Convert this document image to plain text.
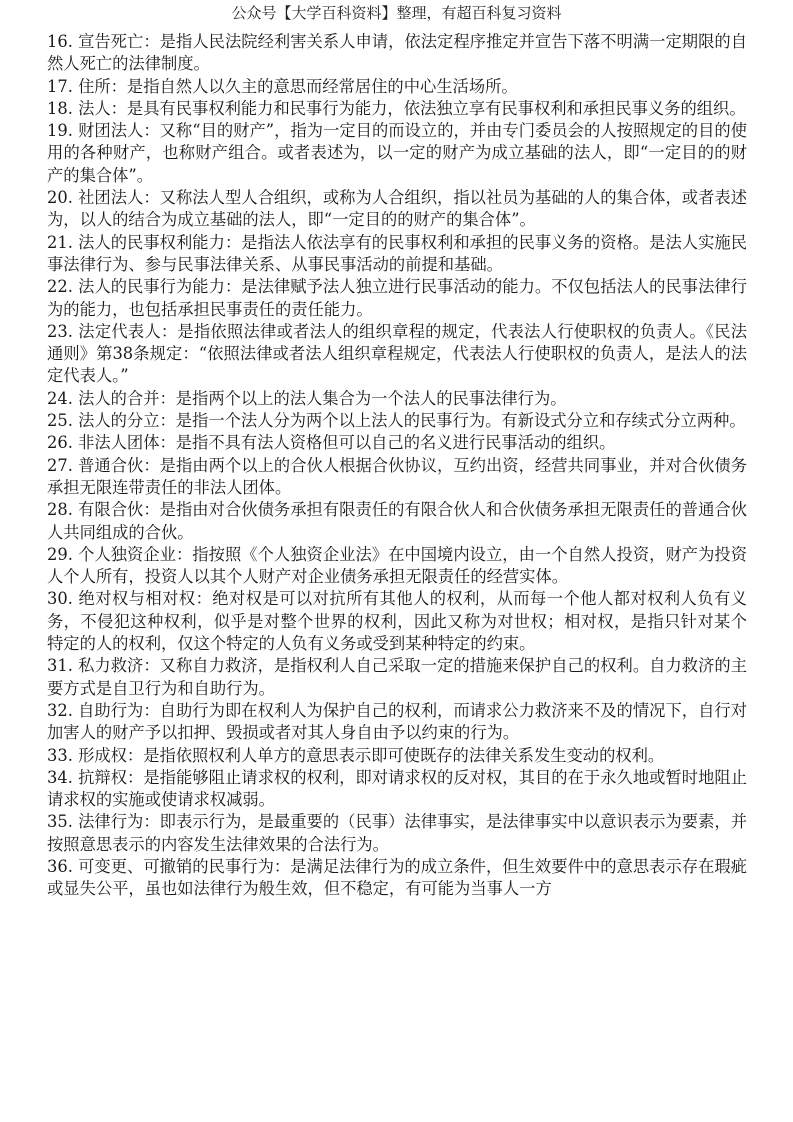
公众号【大学百科资料】整理，有超百科复习资料

16. 宣告死亡：是指人民法院经利害关系人申请，依法定程序推定并宣告下落不明满一定期限的自然人死亡的法律制度。

17. 住所：是指自然人以久主的意思而经常居住的中心生活场所。

18. 法人：是具有民事权利能力和民事行为能力，依法独立享有民事权利和承担民事义务的组织。

19. 财团法人：又称“目的财产”，指为一定目的而设立的，并由专门委员会的人按照规定的目的使用的各种财产，也称财产组合。或者表述为，以一定的财产为成立基础的法人，即“一定目的的财产的集合体”。

20. 社团法人：又称法人型人合组织，或称为人合组织，指以社员为基础的人的集合体，或者表述为，以人的结合为成立基础的法人，即“一定目的的财产的集合体”。

21. 法人的民事权利能力：是指法人依法享有的民事权利和承担的民事义务的资格。是法人实施民事法律行为、参与民事法律关系、从事民事活动的前提和基础。

22. 法人的民事行为能力：是法律赋予法人独立进行民事活动的能力。不仅包括法人的民事法律行为的能力，也包括承担民事责任的责任能力。

23. 法定代表人：是指依照法律或者法人的组织章程的规定，代表法人行使职权的负责人。《民法通则》第38条规定：“依照法律或者法人组织章程规定，代表法人行使职权的负责人，是法人的法定代表人。”

24. 法人的合并：是指两个以上的法人集合为一个法人的民事法律行为。

25. 法人的分立：是指一个法人分为两个以上法人的民事行为。有新设式分立和存续式分立两种。

26. 非法人团体：是指不具有法人资格但可以自己的名义进行民事活动的组织。

27. 普通合伙：是指由两个以上的合伙人根据合伙协议，互约出资，经营共同事业，并对合伙债务承担无限连带责任的非法人团体。

28. 有限合伙：是指由对合伙债务承担有限责任的有限合伙人和合伙债务承担无限责任的普通合伙人共同组成的合伙。

29. 个人独资企业：指按照《个人独资企业法》在中国境内设立，由一个自然人投资，财产为投资人个人所有，投资人以其个人财产对企业债务承担无限责任的经营实体。

30. 绝对权与相对权：绝对权是可以对抗所有其他人的权利，从而每一个他人都对权利人负有义务，不侵犯这种权利，似乎是对整个世界的权利，因此又称为对世权；相对权，是指只针对某个特定的人的权利，仅这个特定的人负有义务或受到某种特定的约束。

31. 私力救济：又称自力救济，是指权利人自己采取一定的措施来保护自己的权利。自力救济的主要方式是自卫行为和自助行为。

32. 自助行为：自助行为即在权利人为保护自己的权利，而请求公力救济来不及的情况下，自行对加害人的财产予以扣押、毁损或者对其人身自由予以约束的行为。

33. 形成权：是指依照权利人单方的意思表示即可使既存的法律关系发生变动的权利。

34. 抗辩权：是指能够阻止请求权的权利，即对请求权的反对权，其目的在于永久地或暂时地阻止请求权的实施或使请求权减弱。

35. 法律行为：即表示行为，是最重要的（民事）法律事实，是法律事实中以意识表示为要素，并按照意思表示的内容发生法律效果的合法行为。

36. 可变更、可撤销的民事行为：是满足法律行为的成立条件，但生效要件中的意思表示存在瑕疵或显失公平，虽也如法律行为般生效，但不稳定，有可能为当事人一方
